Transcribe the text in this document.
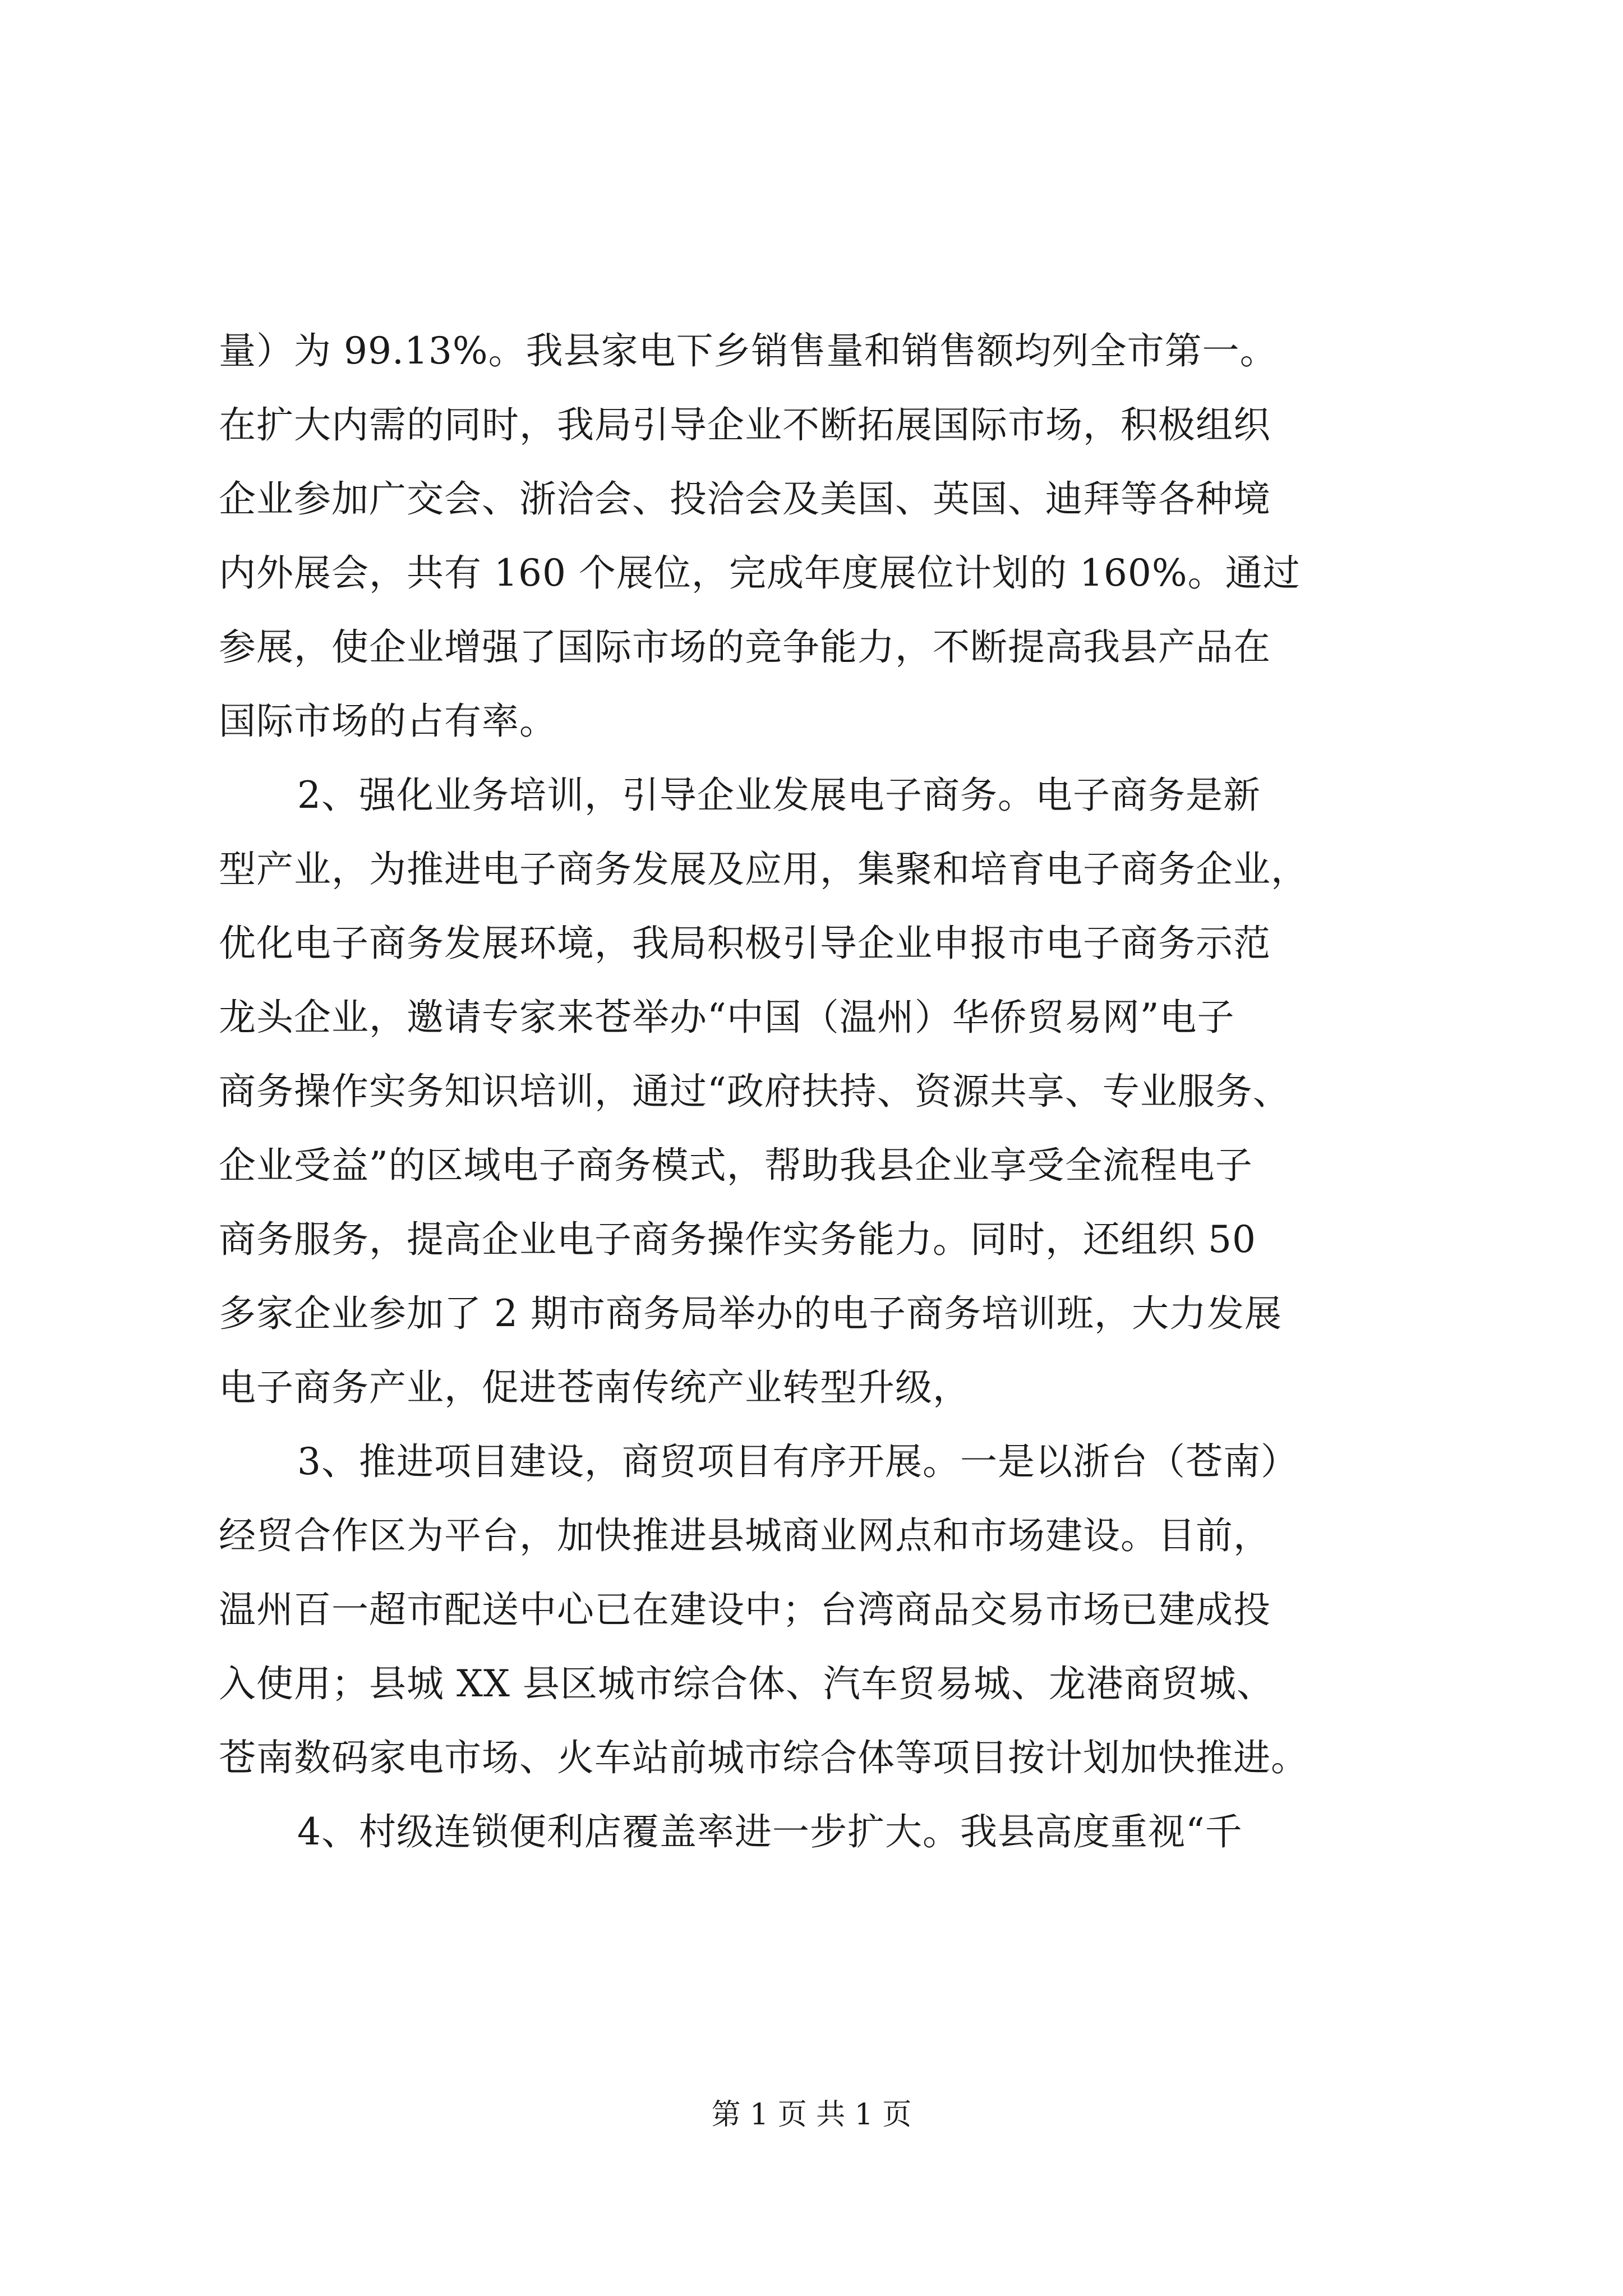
量）为 99.13%。我县家电下乡销售量和销售额均列全市第一。
在扩大内需的同时，我局引导企业不断拓展国际市场，积极组织
企业参加广交会、浙洽会、投洽会及美国、英国、迪拜等各种境
内外展会，共有 160 个展位，完成年度展位计划的 160%。通过
参展，使企业增强了国际市场的竞争能力，不断提高我县产品在
国际市场的占有率。
2、强化业务培训，引导企业发展电子商务。电子商务是新
型产业，为推进电子商务发展及应用，集聚和培育电子商务企业，
优化电子商务发展环境，我局积极引导企业申报市电子商务示范
龙头企业，邀请专家来苍举办“中国（温州）华侨贸易网”电子
商务操作实务知识培训，通过“政府扶持、资源共享、专业服务、
企业受益”的区域电子商务模式，帮助我县企业享受全流程电子
商务服务，提高企业电子商务操作实务能力。同时，还组织 50
多家企业参加了 2 期市商务局举办的电子商务培训班，大力发展
电子商务产业，促进苍南传统产业转型升级，
3、推进项目建设，商贸项目有序开展。一是以浙台（苍南）
经贸合作区为平台，加快推进县城商业网点和市场建设。目前，
温州百一超市配送中心已在建设中；台湾商品交易市场已建成投
入使用；县城 XX 县区城市综合体、汽车贸易城、龙港商贸城、
苍南数码家电市场、火车站前城市综合体等项目按计划加快推进。
4、村级连锁便利店覆盖率进一步扩大。我县高度重视“千
第 1 页 共 1 页
